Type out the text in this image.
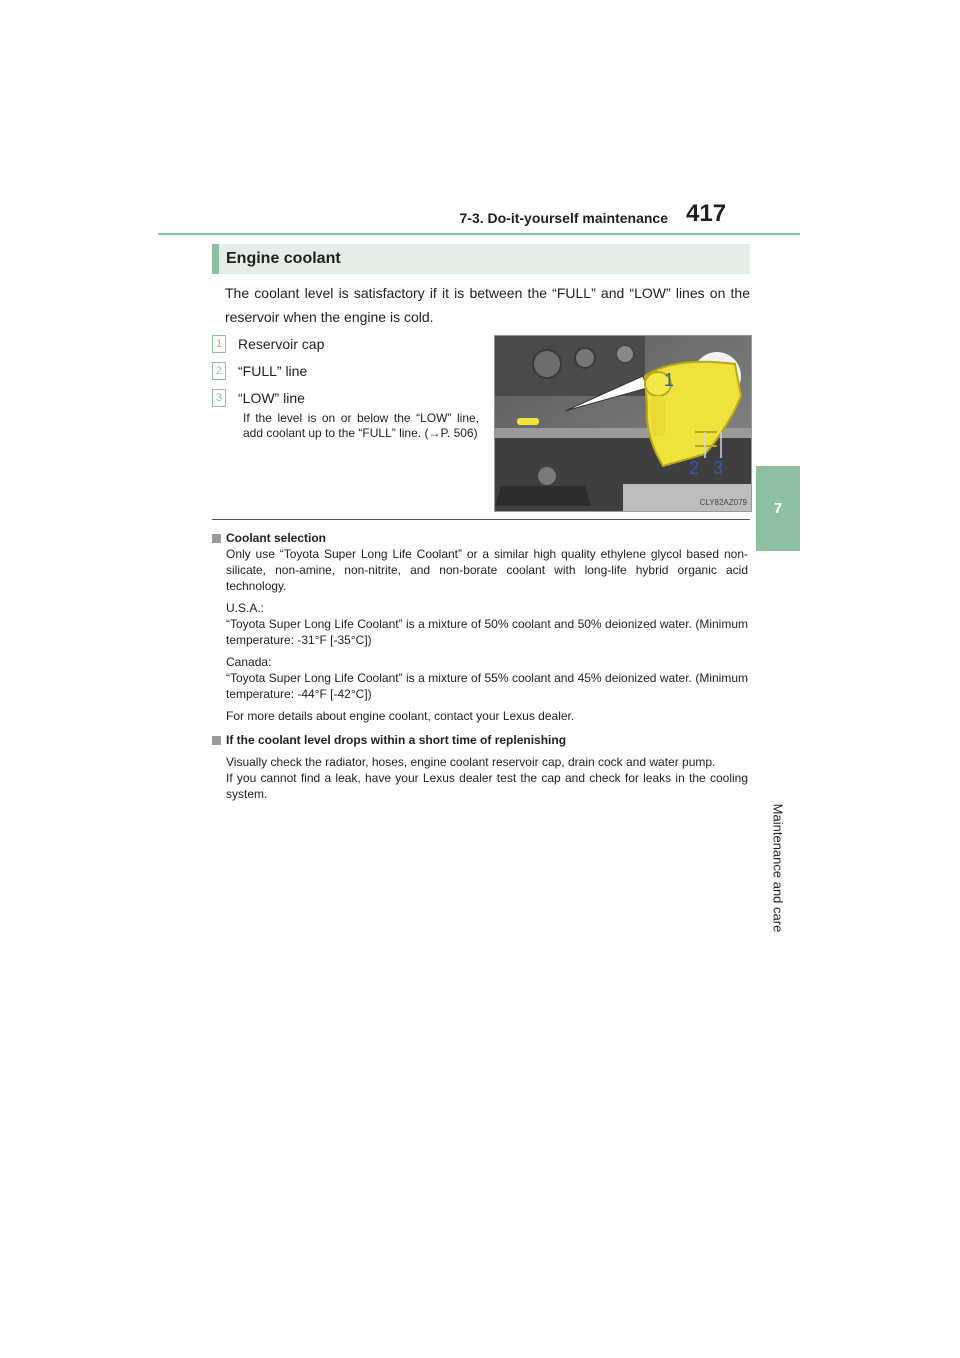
7-3. Do-it-yourself maintenance 417
7
Maintenance and care
Engine coolant
The coolant level is satisfactory if it is between the “FULL” and “LOW” lines on the reservoir when the engine is cold.
1 Reservoir cap
2 “FULL” line
3 “LOW” line
If the level is on or below the “LOW” line, add coolant up to the “FULL” line. (→P. 506)
1
2 3
CLY82AZ079
Coolant selection
Only use “Toyota Super Long Life Coolant” or a similar high quality ethylene glycol based non-silicate, non-amine, non-nitrite, and non-borate coolant with long-life hybrid organic acid technology.
U.S.A.:
“Toyota Super Long Life Coolant” is a mixture of 50% coolant and 50% deionized water. (Minimum temperature: -31°F [-35°C])
Canada:
“Toyota Super Long Life Coolant” is a mixture of 55% coolant and 45% deionized water. (Minimum temperature: -44°F [-42°C])
For more details about engine coolant, contact your Lexus dealer.
If the coolant level drops within a short time of replenishing
Visually check the radiator, hoses, engine coolant reservoir cap, drain cock and water pump.
If you cannot find a leak, have your Lexus dealer test the cap and check for leaks in the cooling system.
